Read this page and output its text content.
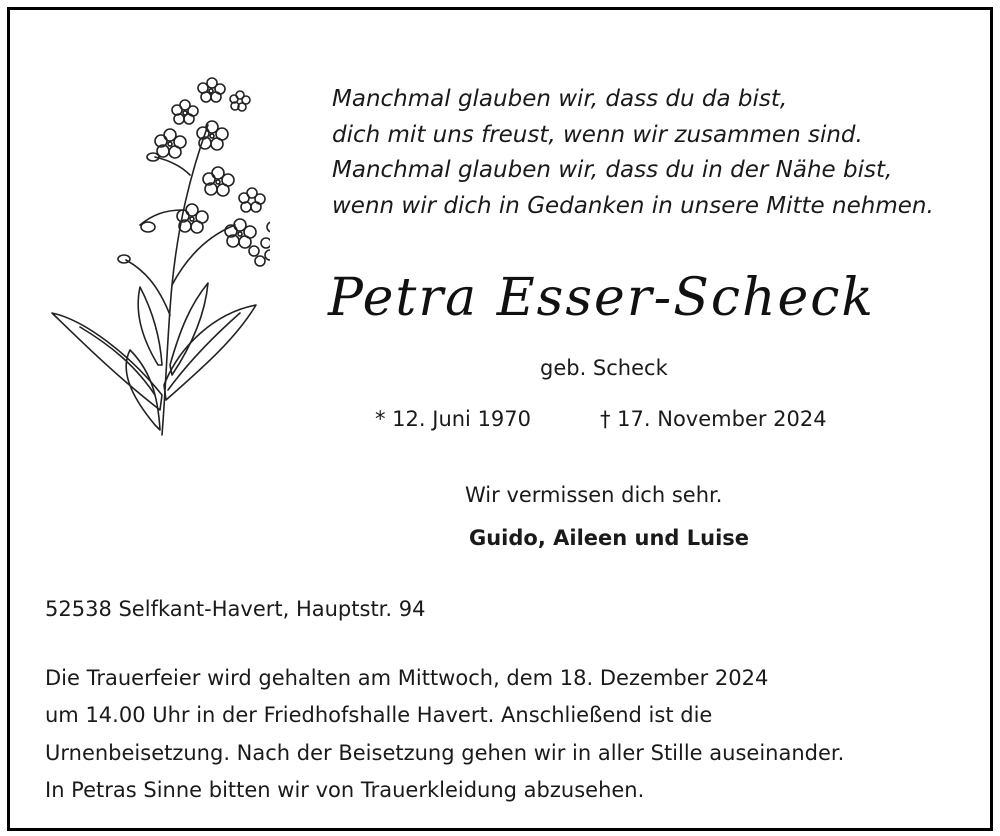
Manchmal glauben wir, dass du da bist,
dich mit uns freust, wenn wir zusammen sind.
Manchmal glauben wir, dass du in der Nähe bist,
wenn wir dich in Gedanken in unsere Mitte nehmen.
Petra Esser-Scheck
geb. Scheck
* 12. Juni 1970	† 17. November 2024
Wir vermissen dich sehr.
Guido, Aileen und Luise
52538 Selfkant-Havert, Hauptstr. 94
Die Trauerfeier wird gehalten am Mittwoch, dem 18. Dezember 2024
um 14.00 Uhr in der Friedhofshalle Havert. Anschließend ist die
Urnenbeisetzung. Nach der Beisetzung gehen wir in aller Stille auseinander.
In Petras Sinne bitten wir von Trauerkleidung abzusehen.
